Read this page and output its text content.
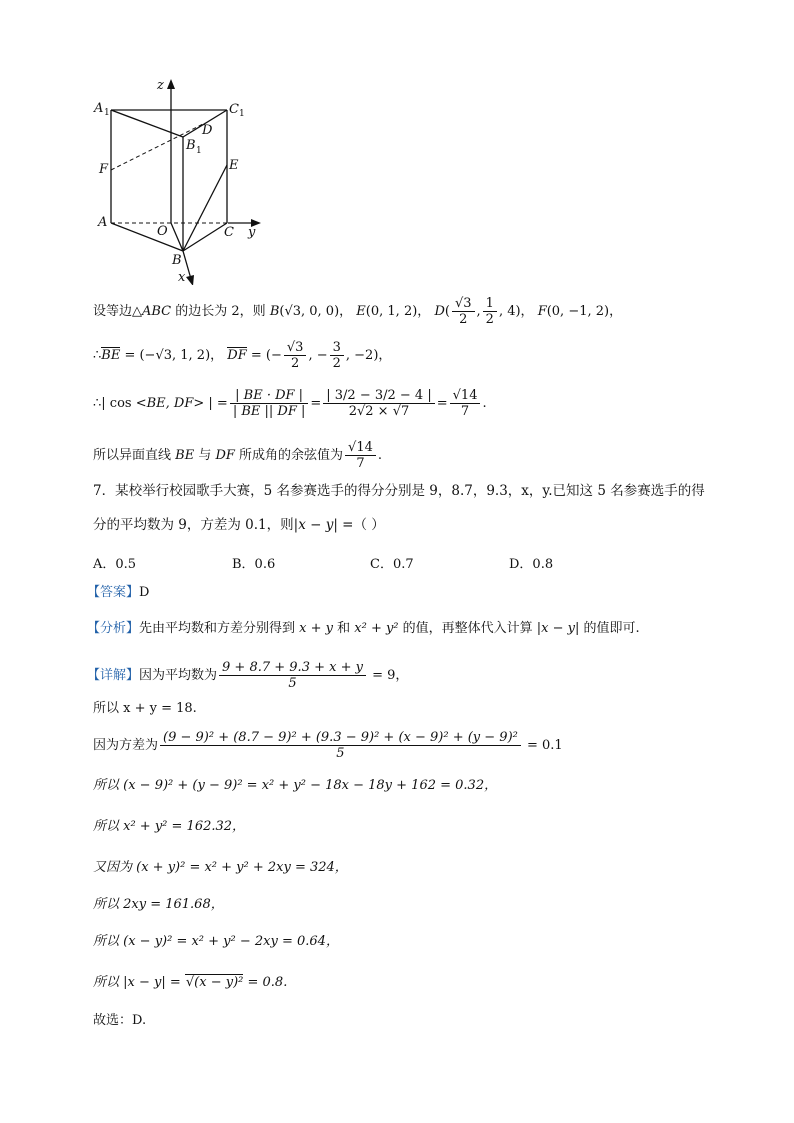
z
A 1	C 1
D
B 1
E
F
A
O	C y
B
x
设等边△ABC 的边长为 2，则 B(√3, 0, 0)， E(0, 1, 2)， $D( \frac{√3}{2}$ , $\frac{1}{2}$ , 4)， F(0, −1, 2)，
∴BE = (−√3, 1, 2)， DF = (− $\frac{√3}{2}$ , − $\frac{3}{2}$ , −2)，
∴| cos <BE, DF> | = $\frac{| BE \cdot DF |}{| BE || DF |} = \frac{| 3/2 - 3/2 - 4 |}{2√2 \times √7} = \frac{√14}{7}$ .
所以异面直线 BE 与 DF 所成角的余弦值为 $\frac{√14}{7}$ .
7．某校举行校园歌手大赛，5 名参赛选手的得分分别是 9，8.7，9.3，x，y.已知这 5 名参赛选手的得
分的平均数为 9，方差为 0.1，则|x − y| =（ ）
A．0.5	B．0.6	C．0.7	D．0.8
【答案】D
【分析】先由平均数和方差分别得到 x + y 和 x² + y² 的值，再整体代入计算 |x − y| 的值即可.
【详解】因为平均数为 $\frac{9 + 8.7 + 9.3 + x + y}{5} = 9$，
所以 x + y = 18.
因为方差为 $\frac{\text{(9 − 9)² + (8.7 − 9)² + (9.3 − 9)² + (x − 9)² + (y − 9)²}}{5} = 0.1$
所以 (x − 9)² + (y − 9)² = x² + y² − 18x − 18y + 162 = 0.32，
所以 x² + y² = 162.32，
又因为 (x + y)² = x² + y² + 2xy = 324，
所以 2xy = 161.68，
所以 (x − y)² = x² + y² − 2xy = 0.64，
所以 |x − y| = √(x − y)² = 0.8.
故选：D.
